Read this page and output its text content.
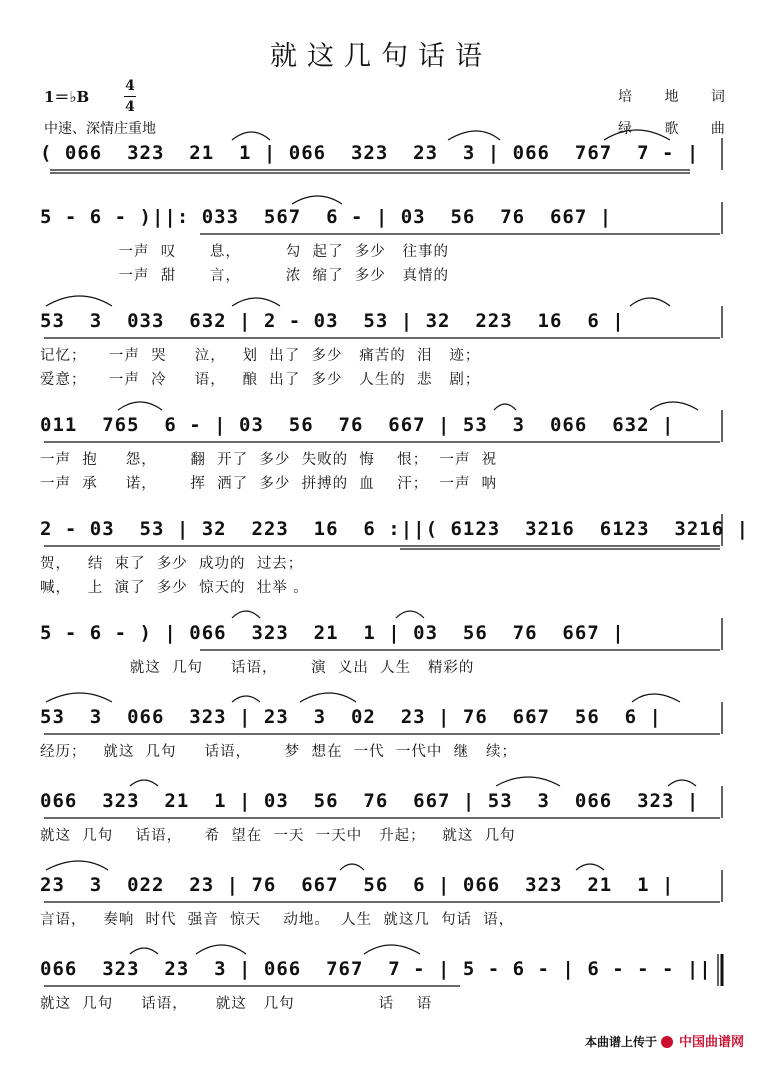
就这几句话语
1＝♭B
4
4
中速、深情庄重地
培 地 词
绿 歌 曲
( 066  323  21  1 | 066  323  23  3 | 066  767  7 - |
5 - 6 - )||: 033  567  6 - | 03  56  76  667 |
一声  叹      息，        勾  起了  多少   往事的
一声  甜      言，        浓  缩了  多少   真情的
53  3  033  632 | 2 - 03  53 | 32  223  16  6 |
记忆；    一声  哭     泣，   划  出了  多少   痛苦的  泪   迹；
爱意；    一声  冷     语，   酿  出了  多少   人生的  悲   剧；
011  765  6 - | 03  56  76  667 | 53  3  066  632 |
一声  抱     怨，      翻  开了  多少  失败的  悔    恨；  一声  祝
一声  承     诺，      挥  洒了  多少  拼搏的  血    汗；  一声  呐
2 - 03  53 | 32  223  16  6 :||( 6123  3216  6123  3216 |
贺，   结  束了  多少  成功的  过去；
喊，   上  演了  多少  惊天的  壮举 。
5 - 6 - ) | 066  323  21  1 | 03  56  76  667 |
就这  几句     话语，      演  义出  人生   精彩的
53  3  066  323 | 23  3  02  23 | 76  667  56  6 |
经历；   就这  几句     话语，      梦  想在  一代  一代中  继   续；
066  323  21  1 | 03  56  76  667 | 53  3  066  323 |
就这  几句    话语，    希  望在  一天  一天中   升起；   就这  几句
23  3  022  23 | 76  667  56  6 | 066  323  21  1 |
言语，   奏响  时代  强音  惊天    动地。  人生  就这几  句话  语，
066  323  23  3 | 066  767  7 - | 5 - 6 - | 6 - - - ||
就这  几句     话语，     就这   几句               话    语
本曲谱上传于 中国曲谱网
